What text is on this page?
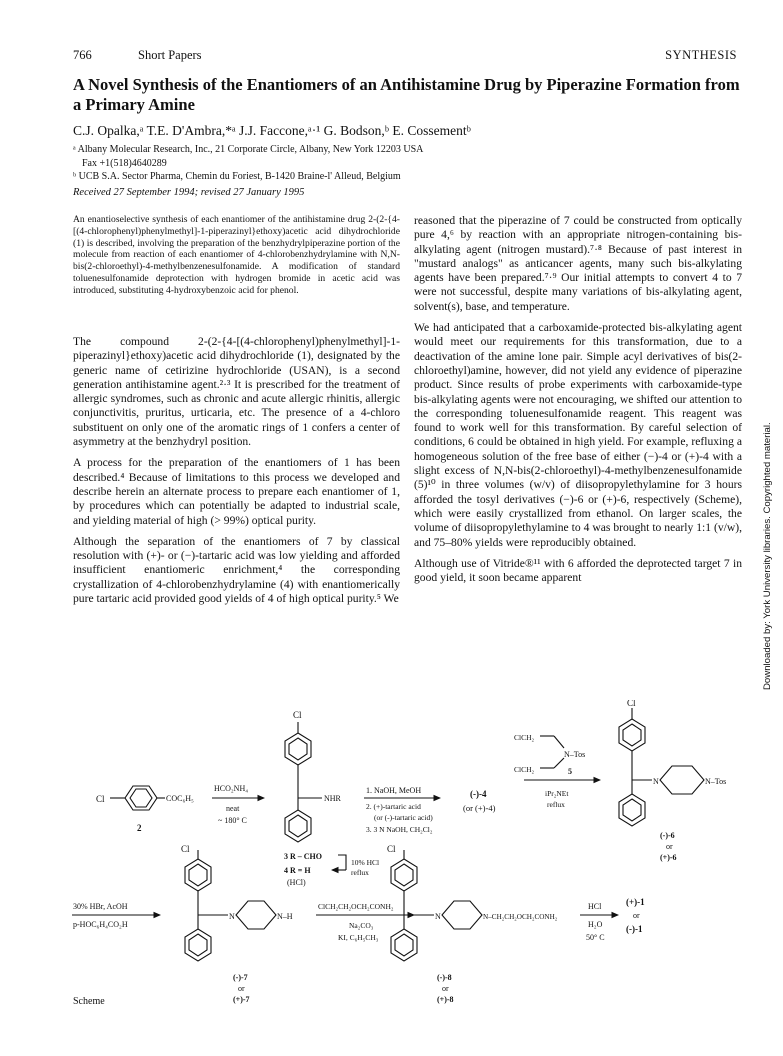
766	Short Papers	SYNTHESIS
A Novel Synthesis of the Enantiomers of an Antihistamine Drug by Piperazine Formation from a Primary Amine
C.J. Opalka,ᵃ T.E. D'Ambra,*ᵃ J.J. Faccone,ᵃ·¹ G. Bodson,ᵇ E. Cossementᵇ
ᵃ Albany Molecular Research, Inc., 21 Corporate Circle, Albany, New York 12203 USA
Fax +1(518)4640289
ᵇ UCB S.A. Sector Pharma, Chemin du Foriest, B-1420 Braine-l' Alleud, Belgium
Received 27 September 1994; revised 27 January 1995
An enantioselective synthesis of each enantiomer of the antihistamine drug 2-(2-{4-[(4-chlorophenyl)phenylmethyl]-1-piperazinyl}ethoxy)acetic acid dihydrochloride (1) is described, involving the preparation of the benzhydrylpiperazine portion of the molecule from reaction of each enantiomer of 4-chlorobenzhydrylamine with N,N-bis(2-chloroethyl)-4-methylbenzenesulfonamide. A modification of standard toluenesulfonamide deprotection with hydrogen bromide in acetic acid was introduced, substituting 4-hydroxybenzoic acid for phenol.

The compound 2-(2-{4-[(4-chlorophenyl)phenylmethyl]-1-piperazinyl}ethoxy)acetic acid dihydrochloride (1), designated by the generic name of cetirizine hydrochloride (USAN), is a second generation antihistamine agent.²·³ It is prescribed for the treatment of allergic syndromes, such as chronic and acute allergic rhinitis, allergic conjunctivitis, pruritus, urticaria, etc. The presence of a 4-chloro substituent on only one of the aromatic rings of 1 confers a center of asymmetry at the benzhydryl position.

A process for the preparation of the enantiomers of 1 has been described.⁴ Because of limitations to this process we developed and describe herein an alternate process to prepare each enantiomer of 1, by procedures which can potentially be adapted to industrial scale, and yielding material of high (> 99%) optical purity.

Although the separation of the enantiomers of 7 by classical resolution with (+)- or (−)-tartaric acid was low yielding and afforded insufficient enantiomeric enrichment,⁴ the corresponding crystallization of 4-chlorobenzhydrylamine (4) with enantiomerically pure tartaric acid provided good yields of 4 of high optical purity.⁵ We

reasoned that the piperazine of 7 could be constructed from optically pure 4,⁶ by reaction with an appropriate nitrogen-containing bis-alkylating agent (nitrogen mustard).⁷·⁸ Because of past interest in "mustard analogs" as anticancer agents, many such bis-alkylating agents have been prepared.⁷·⁹ Our initial attempts to convert 4 to 7 were not successful, despite many variations of bis-alkylating agent, solvent(s), base, and temperature.

We had anticipated that a carboxamide-protected bis-alkylating agent would meet our requirements for this transformation, due to a deactivation of the amine lone pair. Simple acyl derivatives of bis(2-chloroethyl)amine, however, did not yield any evidence of piperazine product. Since results of probe experiments with carboxamide-type bis-alkylating agents were not encouraging, we shifted our attention to the corresponding toluenesulfonamide reagent. This reagent was found to work well for this transformation. By careful selection of conditions, 6 could be obtained in high yield. For example, refluxing a homogeneous solution of the free base of either (−)-4 or (+)-4 with a slight excess of N,N-bis(2-chloroethyl)-4-methylbenzenesulfonamide (5)¹⁰ in three volumes (w/v) of diisopropylethylamine for 3 hours afforded the tosyl derivatives (−)-6 or (+)-6, respectively (Scheme), which were easily crystallized from ethanol. On larger scales, the volume of diisopropylethylamine to 4 was brought to nearly 1:1 (v/w), and 75–80% yields were reproducibly obtained.

Although use of Vitride®¹¹ with 6 afforded the deprotected target 7 in good yield, it soon became apparent	Downloaded by: York University libraries. Copyrighted material.
Cl	COC₆H₅
2
HCO₂NH₄
neat
~ 180° C
Cl
NHR
3 R – CHO
4 R = H
(HCl)
10% HCl
reflux
1. NaOH, MeOH
2. (+)-tartaric acid
(or (-)-tartaric acid)
3. 3 N NaOH, CH₂Cl₂
(-)-4
(or (+)-4)
ClCH₂
ClCH₂
N–Tos
5
iPr₂NEt
reflux
Cl
N	N–Tos
(-)-6
or
(+)-6
30% HBr, AcOH
p-HOC₆H₄CO₂H
Cl
N	N–H
(-)-7
or
(+)-7
ClCH₂CH₂OCH₂CONH₂
Na₂CO₃
KI, C₆H₅CH₃
Cl
N	N–CH₂CH₂OCH₂CONH₂
(-)-8
or
(+)-8
HCl
H₂O
50° C
(+)-1
or
(-)-1
Scheme
